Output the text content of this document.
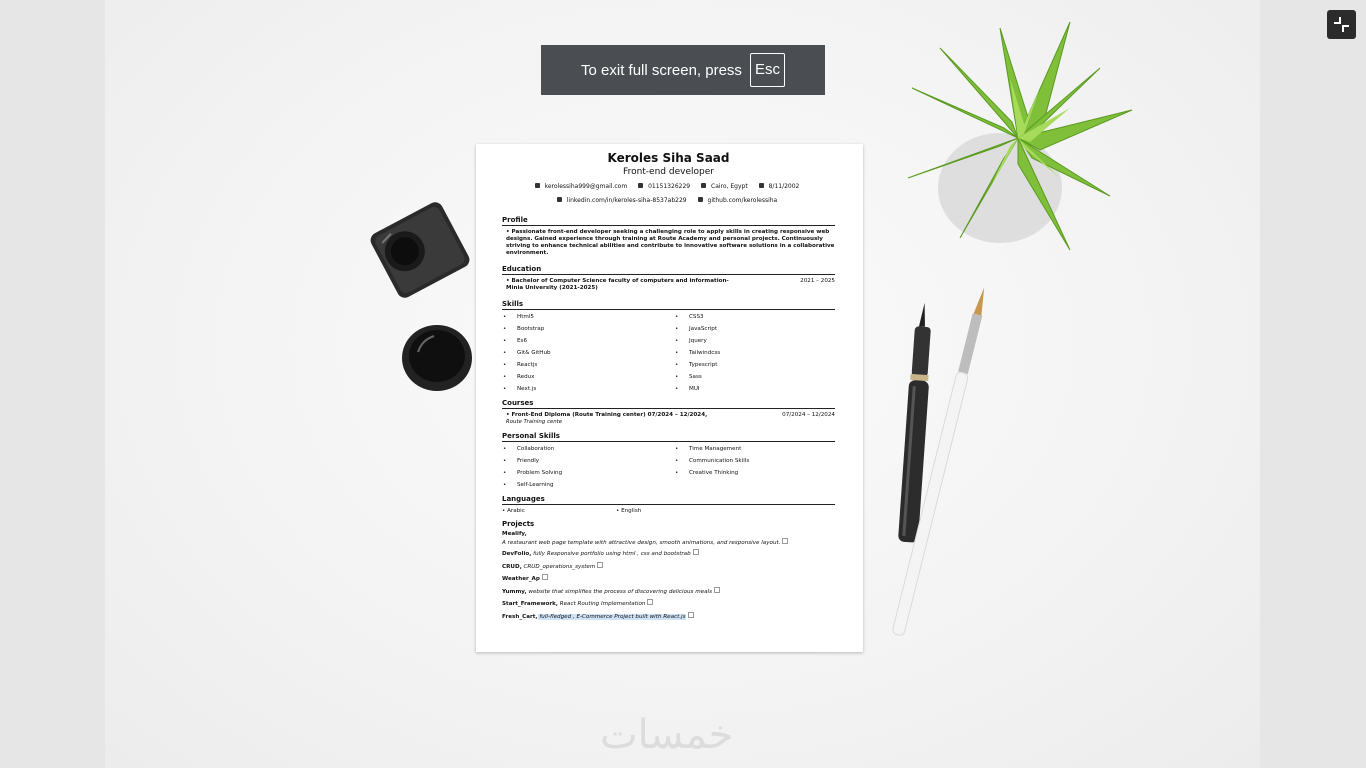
Keroles Siha Saad
Front-end developer
kerolessiha999@gmail.com	01151326229	Cairo, Egypt	8/11/2002
linkedin.com/in/keroles-siha-8537ab229	github.com/kerolessiha
Profile
• Passionate front-end developer seeking a challenging role to apply skills in creating responsive web designs. Gained experience through training at Route Academy and personal projects. Continuously striving to enhance technical abilities and contribute to innovative software solutions in a collaborative environment.
Education
• Bachelor of Computer Science faculty of computers and information-Minia University (2021-2025)
2021 – 2025
Skills
• Html5	• CSS3
• Bootstrap	• JavaScript
• Es6	• Jquery
• Git& GitHub	• Tailwindcss
• Reactjs	• Typescript
• Redux	• Sass
• Next.js	• MUI
Courses
• Front-End Diploma (Route Training center) 07/2024 – 12/2024,	07/2024 – 12/2024
Route Training cente
Personal Skills
• Collaboration	• Time Management
• Friendly	• Communication Skills
• Problem Solving	• Creative Thinking
• Self-Learning
Languages
• Arabic	• English
Projects
Mealify,
A restaurant web page template with attractive design, smooth animations, and responsive layout.
DevFolio, fully Responsive portfolio using html , css and bootstrab
CRUD, CRUD_operations_system
Weather_Ap
Yummy, website that simplifies the process of discovering delicious meals
Start_Framework, React Routing Implementation
Fresh_Cart, full-fledged , E-Commerce Project built with React.js
خمسات
To exit full screen, press Esc
